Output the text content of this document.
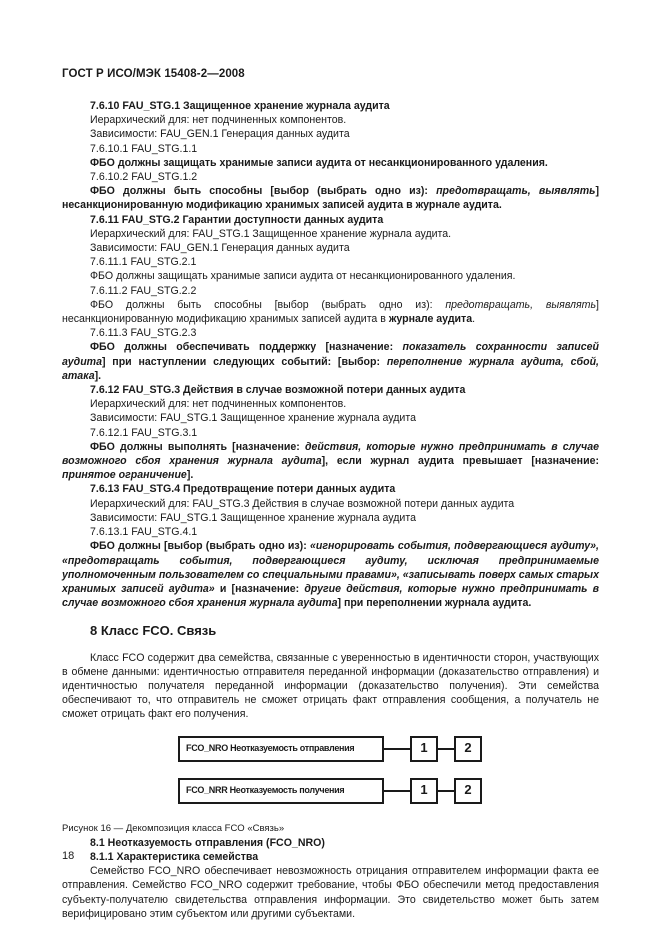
ГОСТ Р ИСО/МЭК 15408-2—2008

7.6.10 FAU_STG.1 Защищенное хранение журнала аудита

Иерархический для: нет подчиненных компонентов.

Зависимости: FAU_GEN.1 Генерация данных аудита

7.6.10.1 FAU_STG.1.1

ФБО должны защищать хранимые записи аудита от несанкционированного удаления.

7.6.10.2 FAU_STG.1.2

ФБО должны быть способны [выбор (выбрать одно из): предотвращать, выявлять] несанкционированную модификацию хранимых записей аудита в журнале аудита.

7.6.11 FAU_STG.2 Гарантии доступности данных аудита

Иерархический для: FAU_STG.1 Защищенное хранение журнала аудита.

Зависимости: FAU_GEN.1 Генерация данных аудита

7.6.11.1 FAU_STG.2.1

ФБО должны защищать хранимые записи аудита от несанкционированного удаления.

7.6.11.2 FAU_STG.2.2

ФБО должны быть способны [выбор (выбрать одно из): предотвращать, выявлять] несанкционированную модификацию хранимых записей аудита в журнале аудита.

7.6.11.3 FAU_STG.2.3

ФБО должны обеспечивать поддержку [назначение: показатель сохранности записей аудита] при наступлении следующих событий: [выбор: переполнение журнала аудита, сбой, атака].

7.6.12 FAU_STG.3 Действия в случае возможной потери данных аудита

Иерархический для: нет подчиненных компонентов.

Зависимости: FAU_STG.1 Защищенное хранение журнала аудита

7.6.12.1 FAU_STG.3.1

ФБО должны выполнять [назначение: действия, которые нужно предпринимать в случае возможного сбоя хранения журнала аудита], если журнал аудита превышает [назначение: принятое ограничение].

7.6.13 FAU_STG.4 Предотвращение потери данных аудита

Иерархический для: FAU_STG.3 Действия в случае возможной потери данных аудита

Зависимости: FAU_STG.1 Защищенное хранение журнала аудита

7.6.13.1 FAU_STG.4.1

ФБО должны [выбор (выбрать одно из): «игнорировать события, подвергающиеся аудиту», «предотвращать события, подвергающиеся аудиту, исключая предпринимаемые уполномоченным пользователем со специальными правами», «записывать поверх самых старых хранимых записей аудита» и [назначение: другие действия, которые нужно предпринимать в случае возможного сбоя хранения журнала аудита] при переполнении журнала аудита.

8 Класс FCO. Связь

Класс FCO содержит два семейства, связанные с уверенностью в идентичности сторон, участвующих в обмене данными: идентичностью отправителя переданной информации (доказательство отправления) и идентичностью получателя переданной информации (доказательство получения). Эти семейства обеспечивают то, что отправитель не сможет отрицать факт отправления сообщения, а получатель не сможет отрицать факт его получения.

FCO_NRO Неотказуемость отправления	1	2
FCO_NRR Неотказуемость получения	1	2

Рисунок 16 — Декомпозиция класса FCO «Связь»

8.1 Неотказуемость отправления (FCO_NRO)

8.1.1 Характеристика семейства

Семейство FCO_NRO обеспечивает невозможность отрицания отправителем информации факта ее отправления. Семейство FCO_NRO содержит требование, чтобы ФБО обеспечили метод предоставления субъекту-получателю свидетельства отправления информации. Это свидетельство может быть затем верифицировано этим субъектом или другими субъектами.

18
